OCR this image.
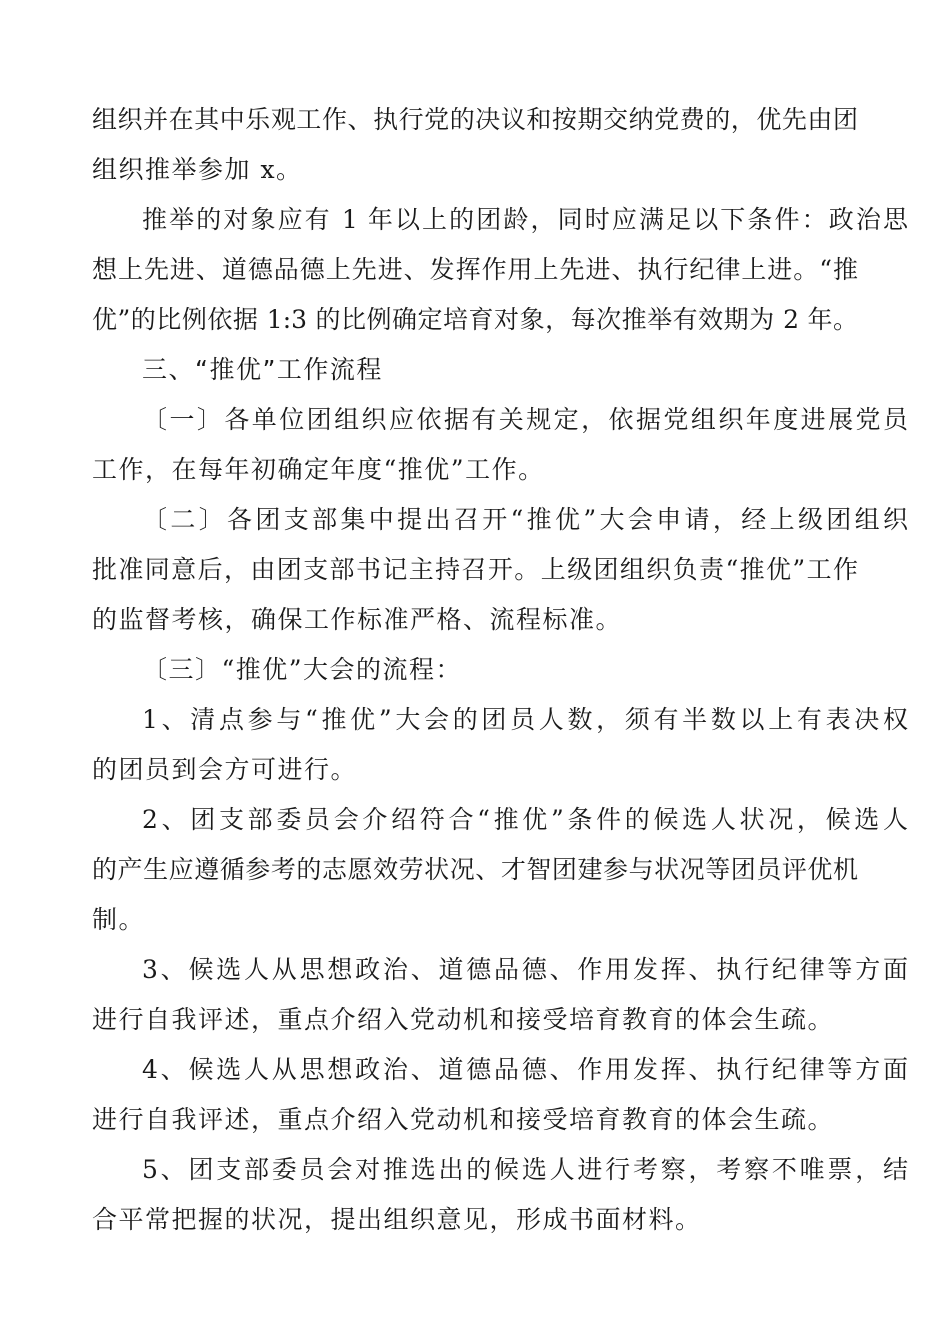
组织并在其中乐观工作、执行党的决议和按期交纳党费的，优先由团
组织推举参加 x。
推举的对象应有 1 年以上的团龄，同时应满足以下条件：政治思
想上先进、道德品德上先进、发挥作用上先进、执行纪律上进。“推
优”的比例依据 1:3 的比例确定培育对象，每次推举有效期为 2 年。
三、“推优”工作流程
〔一〕各单位团组织应依据有关规定，依据党组织年度进展党员
工作，在每年初确定年度“推优”工作。
〔二〕各团支部集中提出召开“推优”大会申请，经上级团组织
批准同意后，由团支部书记主持召开。上级团组织负责“推优”工作
的监督考核，确保工作标准严格、流程标准。
〔三〕“推优”大会的流程：
1、清点参与“推优”大会的团员人数，须有半数以上有表决权
的团员到会方可进行。
2、团支部委员会介绍符合“推优”条件的候选人状况，候选人
的产生应遵循参考的志愿效劳状况、才智团建参与状况等团员评优机
制。
3、候选人从思想政治、道德品德、作用发挥、执行纪律等方面
进行自我评述，重点介绍入党动机和接受培育教育的体会生疏。
4、候选人从思想政治、道德品德、作用发挥、执行纪律等方面
进行自我评述，重点介绍入党动机和接受培育教育的体会生疏。
5、团支部委员会对推选出的候选人进行考察，考察不唯票，结
合平常把握的状况，提出组织意见，形成书面材料。
